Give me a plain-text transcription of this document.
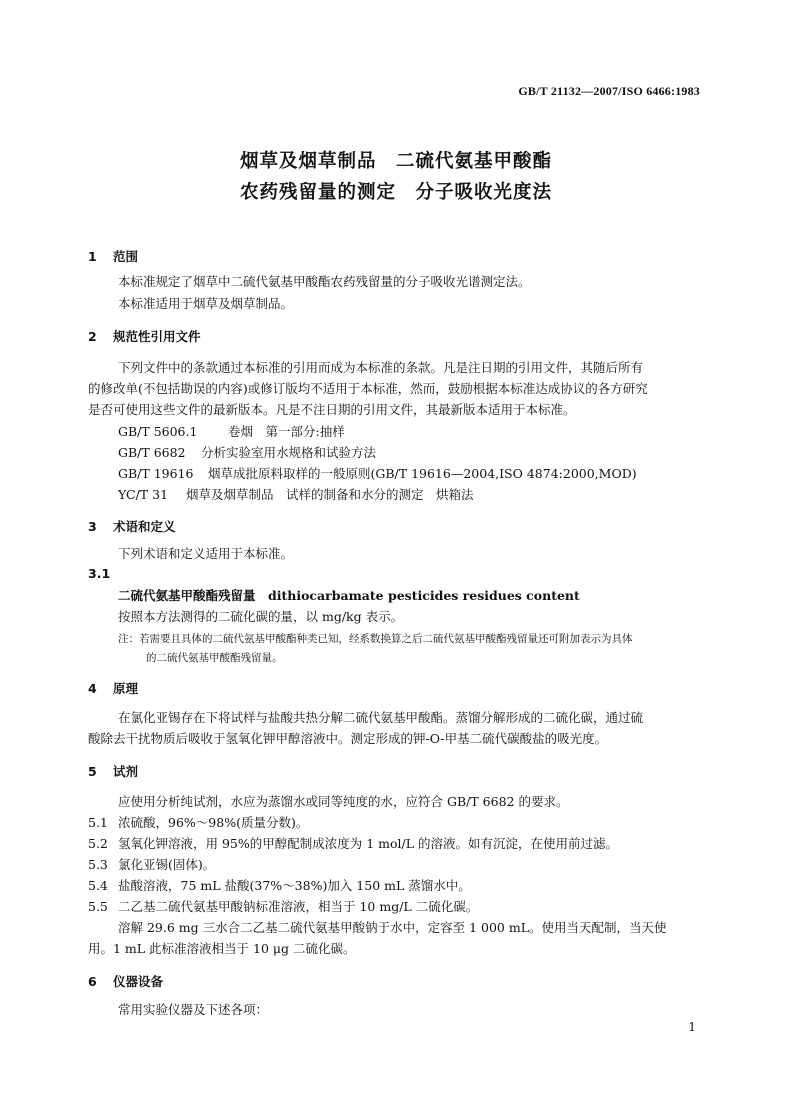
GB/T 21132—2007/ISO 6466:1983
烟草及烟草制品　二硫代氨基甲酸酯
农药残留量的测定　分子吸收光度法
1 范围
本标准规定了烟草中二硫代氨基甲酸酯农药残留量的分子吸收光谱测定法。
本标准适用于烟草及烟草制品。
2 规范性引用文件
下列文件中的条款通过本标准的引用而成为本标准的条款。凡是注日期的引用文件，其随后所有
的修改单(不包括勘误的内容)或修订版均不适用于本标准，然而，鼓励根据本标准达成协议的各方研究
是否可使用这些文件的最新版本。凡是不注日期的引用文件，其最新版本适用于本标准。
GB/T 5606.1 卷烟　第一部分:抽样
GB/T 6682 分析实验室用水规格和试验方法
GB/T 19616 烟草成批原料取样的一般原则(GB/T 19616—2004,ISO 4874:2000,MOD)
YC/T 31 烟草及烟草制品　试样的制备和水分的测定　烘箱法
3 术语和定义
下列术语和定义适用于本标准。
3.1
二硫代氨基甲酸酯残留量　dithiocarbamate pesticides residues content
按照本方法测得的二硫化碳的量，以 mg/kg 表示。
注：若需要且具体的二硫代氨基甲酸酯种类已知，经系数换算之后二硫代氨基甲酸酯残留量还可附加表示为具体
的二硫代氨基甲酸酯残留量。
4 原理
在氯化亚锡存在下将试样与盐酸共热分解二硫代氨基甲酸酯。蒸馏分解形成的二硫化碳，通过硫
酸除去干扰物质后吸收于氢氧化钾甲醇溶液中。测定形成的钾-O-甲基二硫代碳酸盐的吸光度。
5 试剂
应使用分析纯试剂，水应为蒸馏水或同等纯度的水，应符合 GB/T 6682 的要求。
5.1 浓硫酸，96%～98%(质量分数)。
5.2 氢氧化钾溶液，用 95%的甲醇配制成浓度为 1 mol/L 的溶液。如有沉淀，在使用前过滤。
5.3 氯化亚锡(固体)。
5.4 盐酸溶液，75 mL 盐酸(37%～38%)加入 150 mL 蒸馏水中。
5.5 二乙基二硫代氨基甲酸钠标准溶液，相当于 10 mg/L 二硫化碳。
溶解 29.6 mg 三水合二乙基二硫代氨基甲酸钠于水中，定容至 1 000 mL。使用当天配制，当天使
用。1 mL 此标准溶液相当于 10 μg 二硫化碳。
6 仪器设备
常用实验仪器及下述各项：
1
